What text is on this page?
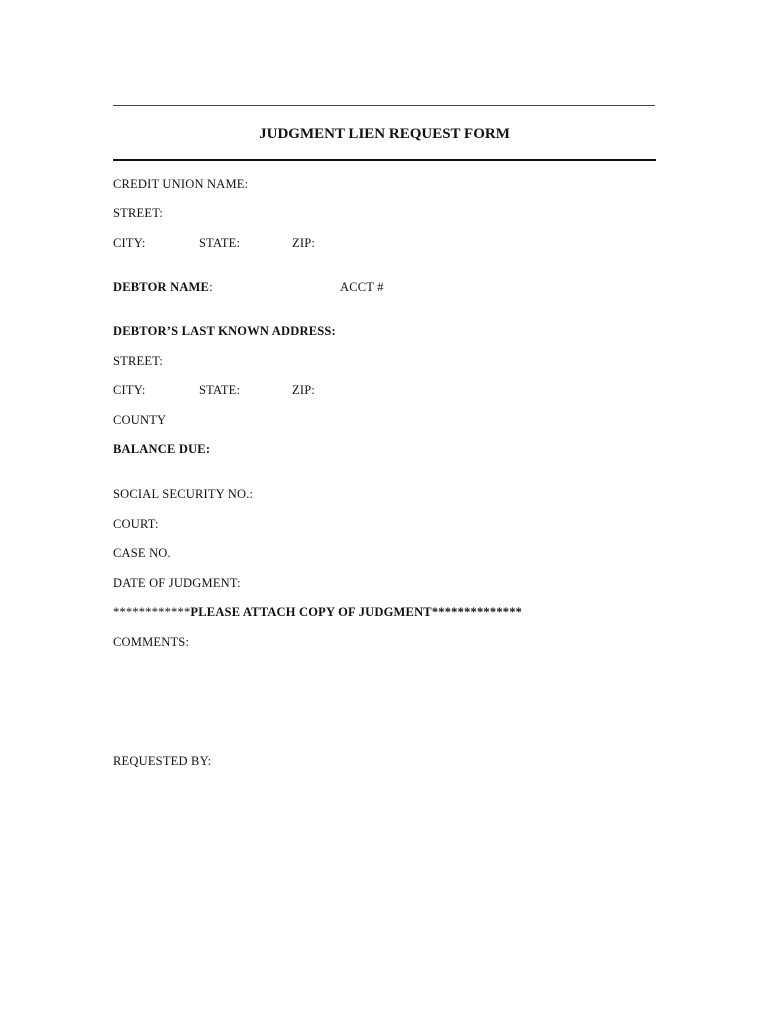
JUDGMENT LIEN REQUEST FORM
CREDIT UNION NAME:
STREET:
CITY:	STATE:	ZIP:
DEBTOR NAME:	ACCT #
DEBTOR’S LAST KNOWN ADDRESS:
STREET:
CITY:	STATE:	ZIP:
COUNTY
BALANCE DUE:
SOCIAL SECURITY NO.:
COURT:
CASE NO.
DATE OF JUDGMENT:
************PLEASE ATTACH COPY OF JUDGMENT**************
COMMENTS:
REQUESTED BY:
